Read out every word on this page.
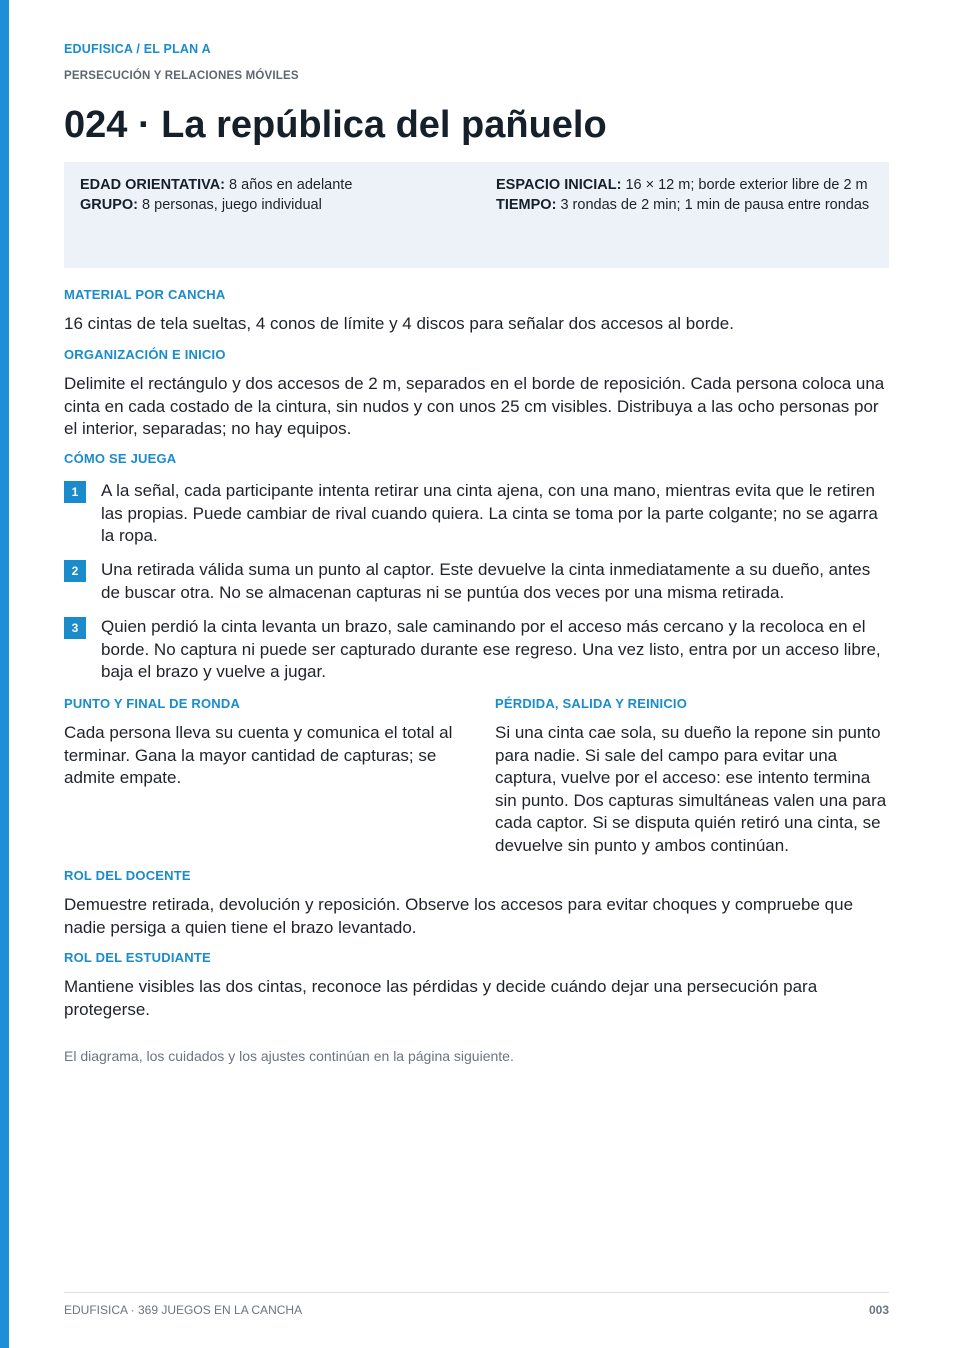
EDUFISICA / EL PLAN A
PERSECUCIÓN Y RELACIONES MÓVILES
024 · La república del pañuelo
EDAD ORIENTATIVA: 8 años en adelante
GRUPO: 8 personas, juego individual
ESPACIO INICIAL: 16 × 12 m; borde exterior libre de 2 m
TIEMPO: 3 rondas de 2 min; 1 min de pausa entre rondas
MATERIAL POR CANCHA
16 cintas de tela sueltas, 4 conos de límite y 4 discos para señalar dos accesos al borde.
ORGANIZACIÓN E INICIO
Delimite el rectángulo y dos accesos de 2 m, separados en el borde de reposición. Cada persona coloca una cinta en cada costado de la cintura, sin nudos y con unos 25 cm visibles. Distribuya a las ocho personas por el interior, separadas; no hay equipos.
CÓMO SE JUEGA
1	A la señal, cada participante intenta retirar una cinta ajena, con una mano, mientras evita que le retiren las propias. Puede cambiar de rival cuando quiera. La cinta se toma por la parte colgante; no se agarra la ropa.
2	Una retirada válida suma un punto al captor. Este devuelve la cinta inmediatamente a su dueño, antes de buscar otra. No se almacenan capturas ni se puntúa dos veces por una misma retirada.
3	Quien perdió la cinta levanta un brazo, sale caminando por el acceso más cercano y la recoloca en el borde. No captura ni puede ser capturado durante ese regreso. Una vez listo, entra por un acceso libre, baja el brazo y vuelve a jugar.
PUNTO Y FINAL DE RONDA
Cada persona lleva su cuenta y comunica el total al terminar. Gana la mayor cantidad de capturas; se admite empate.
PÉRDIDA, SALIDA Y REINICIO
Si una cinta cae sola, su dueño la repone sin punto para nadie. Si sale del campo para evitar una captura, vuelve por el acceso: ese intento termina sin punto. Dos capturas simultáneas valen una para cada captor. Si se disputa quién retiró una cinta, se devuelve sin punto y ambos continúan.
ROL DEL DOCENTE
Demuestre retirada, devolución y reposición. Observe los accesos para evitar choques y compruebe que nadie persiga a quien tiene el brazo levantado.
ROL DEL ESTUDIANTE
Mantiene visibles las dos cintas, reconoce las pérdidas y decide cuándo dejar una persecución para protegerse.
El diagrama, los cuidados y los ajustes continúan en la página siguiente.
EDUFISICA · 369 JUEGOS EN LA CANCHA	003
